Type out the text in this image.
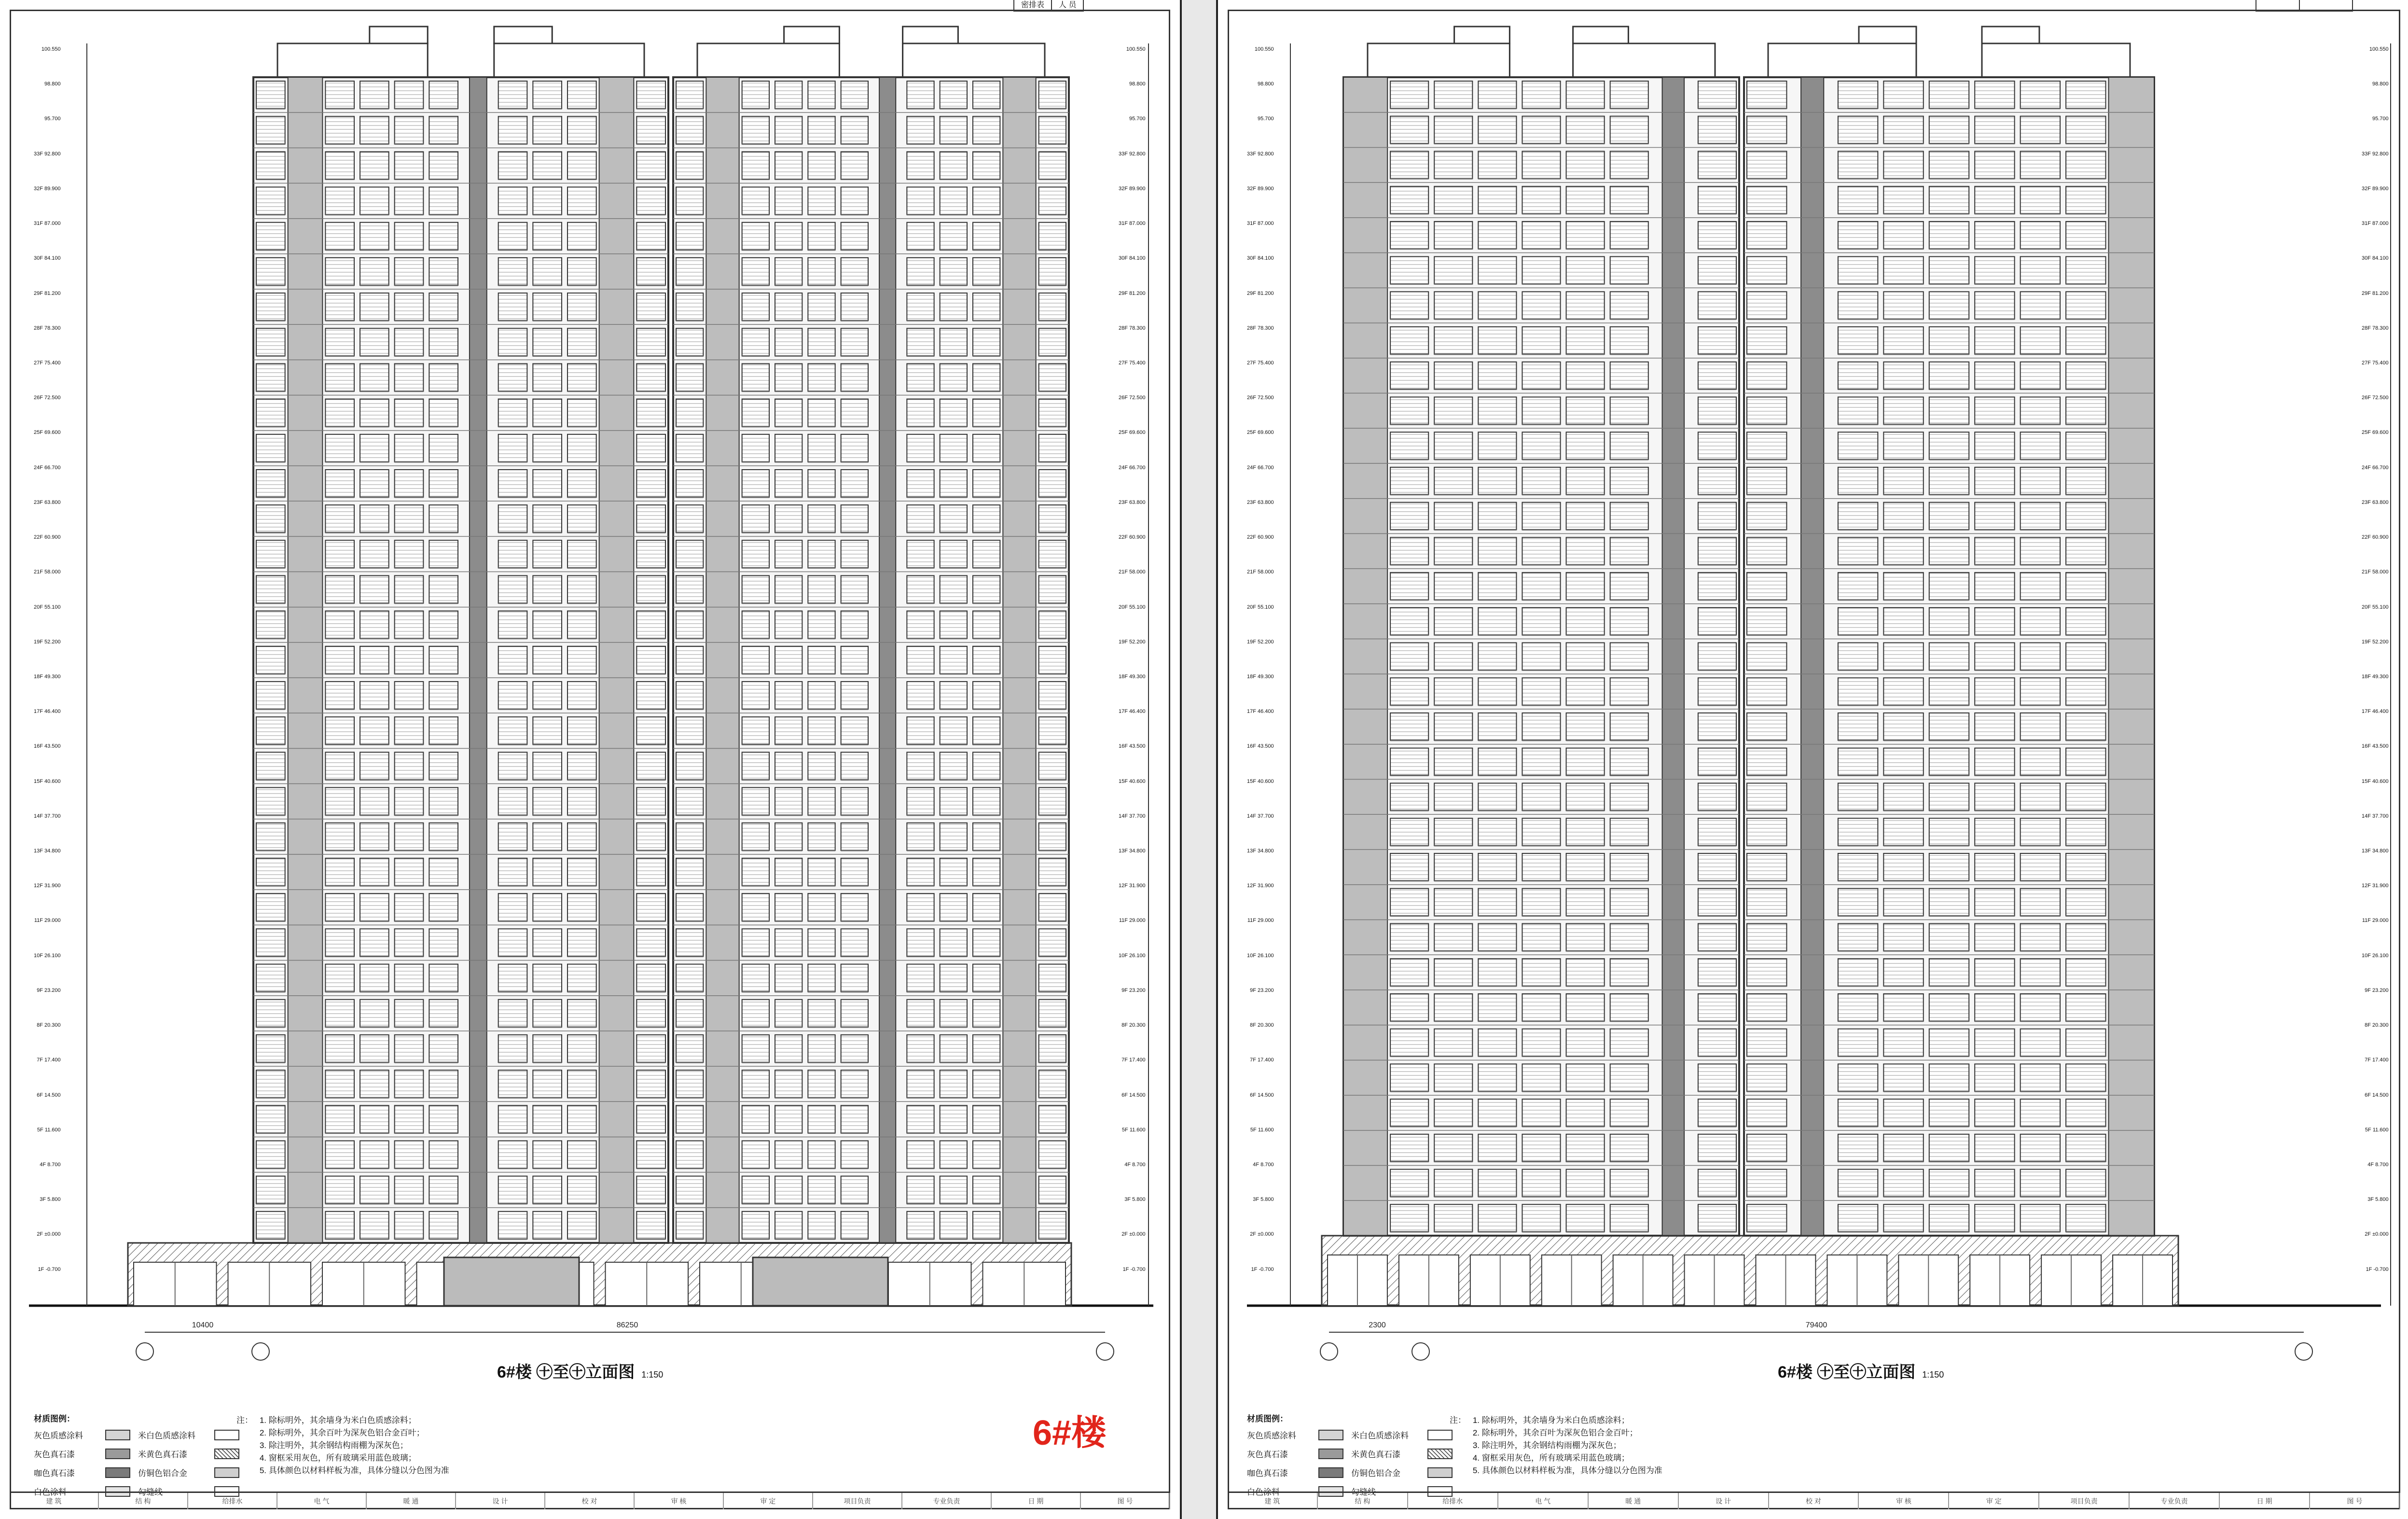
密排表	人 员
86250
10400
100.550
98.800
95.700
33F 92.800
32F 89.900
31F 87.000
30F 84.100
29F 81.200
28F 78.300
27F 75.400
26F 72.500
25F 69.600
24F 66.700
23F 63.800
22F 60.900
21F 58.000
20F 55.100
19F 52.200
18F 49.300
17F 46.400
16F 43.500
15F 40.600
14F 37.700
13F 34.800
12F 31.900
11F 29.000
10F 26.100
9F 23.200
8F 20.300
7F 17.400
6F 14.500
5F 11.600
4F 8.700
3F 5.800
2F ±0.000
1F -0.700
100.550
98.800
95.700
33F 92.800
32F 89.900
31F 87.000
30F 84.100
29F 81.200
28F 78.300
27F 75.400
26F 72.500
25F 69.600
24F 66.700
23F 63.800
22F 60.900
21F 58.000
20F 55.100
19F 52.200
18F 49.300
17F 46.400
16F 43.500
15F 40.600
14F 37.700
13F 34.800
12F 31.900
11F 29.000
10F 26.100
9F 23.200
8F 20.300
7F 17.400
6F 14.500
5F 11.600
4F 8.700
3F 5.800
2F ±0.000
1F -0.700
6#楼 ㊉至㊉立面图 1:150
材质图例：
灰色质感涂料	米白色质感涂料
灰色真石漆	米黄色真石漆
咖色真石漆	仿铜色铝合金
白色涂料	勾缝线
注： 1. 除标明外，其余墙身为米白色质感涂料；
2. 除标明外，其余百叶为深灰色铝合金百叶；
3. 除注明外，其余钢结构雨棚为深灰色；
4. 窗框采用灰色，所有玻璃采用蓝色玻璃；
5. 具体颜色以材料样板为准，具体分缝以分色图为准
6#楼
建 筑	结 构	给排水	电 气	暖 通	设 计	校 对	审 核	审 定	项目负责	专业负责	日 期	图 号
79400
2300
100.550
98.800
95.700
33F 92.800
32F 89.900
31F 87.000
30F 84.100
29F 81.200
28F 78.300
27F 75.400
26F 72.500
25F 69.600
24F 66.700
23F 63.800
22F 60.900
21F 58.000
20F 55.100
19F 52.200
18F 49.300
17F 46.400
16F 43.500
15F 40.600
14F 37.700
13F 34.800
12F 31.900
11F 29.000
10F 26.100
9F 23.200
8F 20.300
7F 17.400
6F 14.500
5F 11.600
4F 8.700
3F 5.800
2F ±0.000
1F -0.700
100.550
98.800
95.700
33F 92.800
32F 89.900
31F 87.000
30F 84.100
29F 81.200
28F 78.300
27F 75.400
26F 72.500
25F 69.600
24F 66.700
23F 63.800
22F 60.900
21F 58.000
20F 55.100
19F 52.200
18F 49.300
17F 46.400
16F 43.500
15F 40.600
14F 37.700
13F 34.800
12F 31.900
11F 29.000
10F 26.100
9F 23.200
8F 20.300
7F 17.400
6F 14.500
5F 11.600
4F 8.700
3F 5.800
2F ±0.000
1F -0.700
6#楼 ㊉至㊉立面图 1:150
材质图例：
灰色质感涂料	米白色质感涂料
灰色真石漆	米黄色真石漆
咖色真石漆	仿铜色铝合金
白色涂料	勾缝线
注： 1. 除标明外，其余墙身为米白色质感涂料；
2. 除标明外，其余百叶为深灰色铝合金百叶；
3. 除注明外，其余钢结构雨棚为深灰色；
4. 窗框采用灰色，所有玻璃采用蓝色玻璃；
5. 具体颜色以材料样板为准，具体分缝以分色图为准
建 筑	结 构	给排水	电 气	暖 通	设 计	校 对	审 核	审 定	项目负责	专业负责	日 期	图 号
